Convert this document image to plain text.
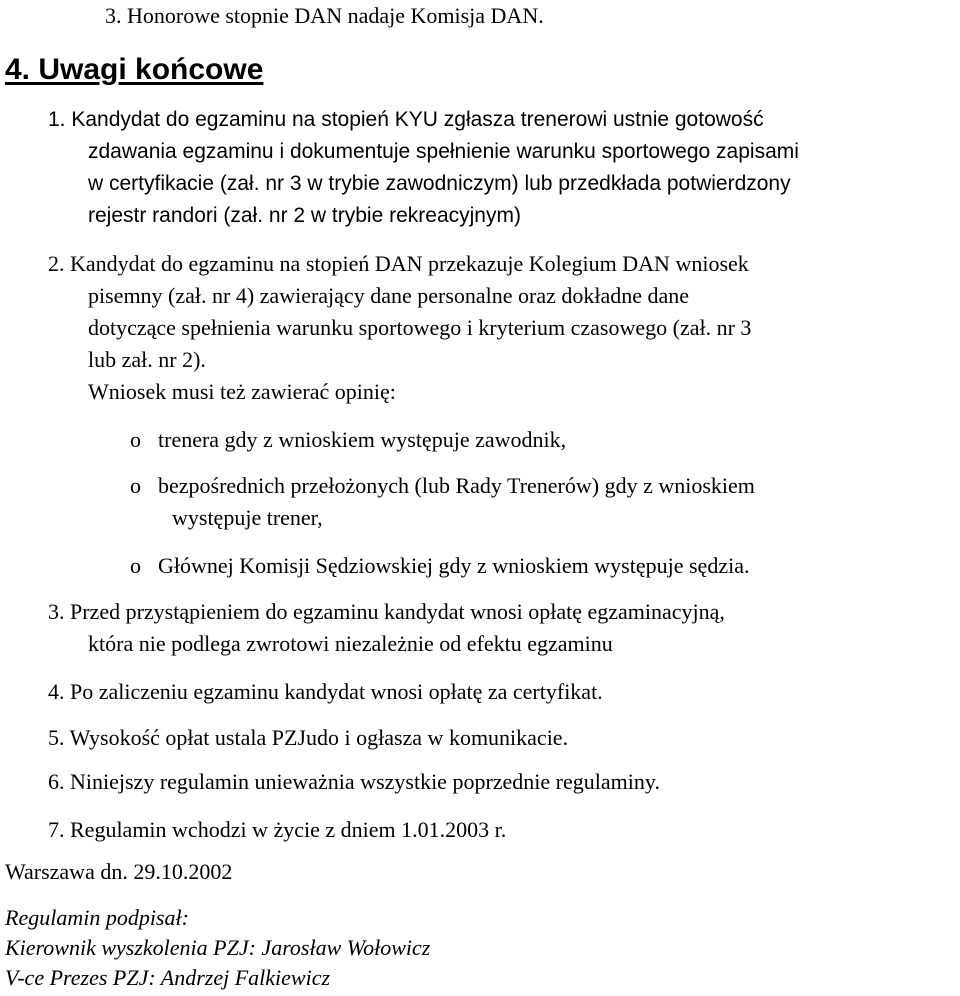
3. Honorowe stopnie DAN nadaje Komisja DAN.
4. Uwagi końcowe
1. Kandydat do egzaminu na stopień KYU zgłasza trenerowi ustnie gotowość
zdawania egzaminu i dokumentuje spełnienie warunku sportowego zapisami
w certyfikacie (zał. nr 3 w trybie zawodniczym) lub przedkłada potwierdzony
rejestr randori (zał. nr 2 w trybie rekreacyjnym)
2. Kandydat do egzaminu na stopień DAN przekazuje Kolegium DAN wniosek
pisemny (zał. nr 4) zawierający dane personalne oraz dokładne dane
dotyczące spełnienia warunku sportowego i kryterium czasowego (zał. nr 3
lub zał. nr 2).
Wniosek musi też zawierać opinię:
o trenera gdy z wnioskiem występuje zawodnik,
o bezpośrednich przełożonych (lub Rady Trenerów) gdy z wnioskiem
występuje trener,
o Głównej Komisji Sędziowskiej gdy z wnioskiem występuje sędzia.
3. Przed przystąpieniem do egzaminu kandydat wnosi opłatę egzaminacyjną,
która nie podlega zwrotowi niezależnie od efektu egzaminu
4. Po zaliczeniu egzaminu kandydat wnosi opłatę za certyfikat.
5. Wysokość opłat ustala PZJudo i ogłasza w komunikacie.
6. Niniejszy regulamin unieważnia wszystkie poprzednie regulaminy.
7. Regulamin wchodzi w życie z dniem 1.01.2003 r.
Warszawa dn. 29.10.2002
Regulamin podpisał:
Kierownik wyszkolenia PZJ: Jarosław Wołowicz
V-ce Prezes PZJ: Andrzej Falkiewicz
